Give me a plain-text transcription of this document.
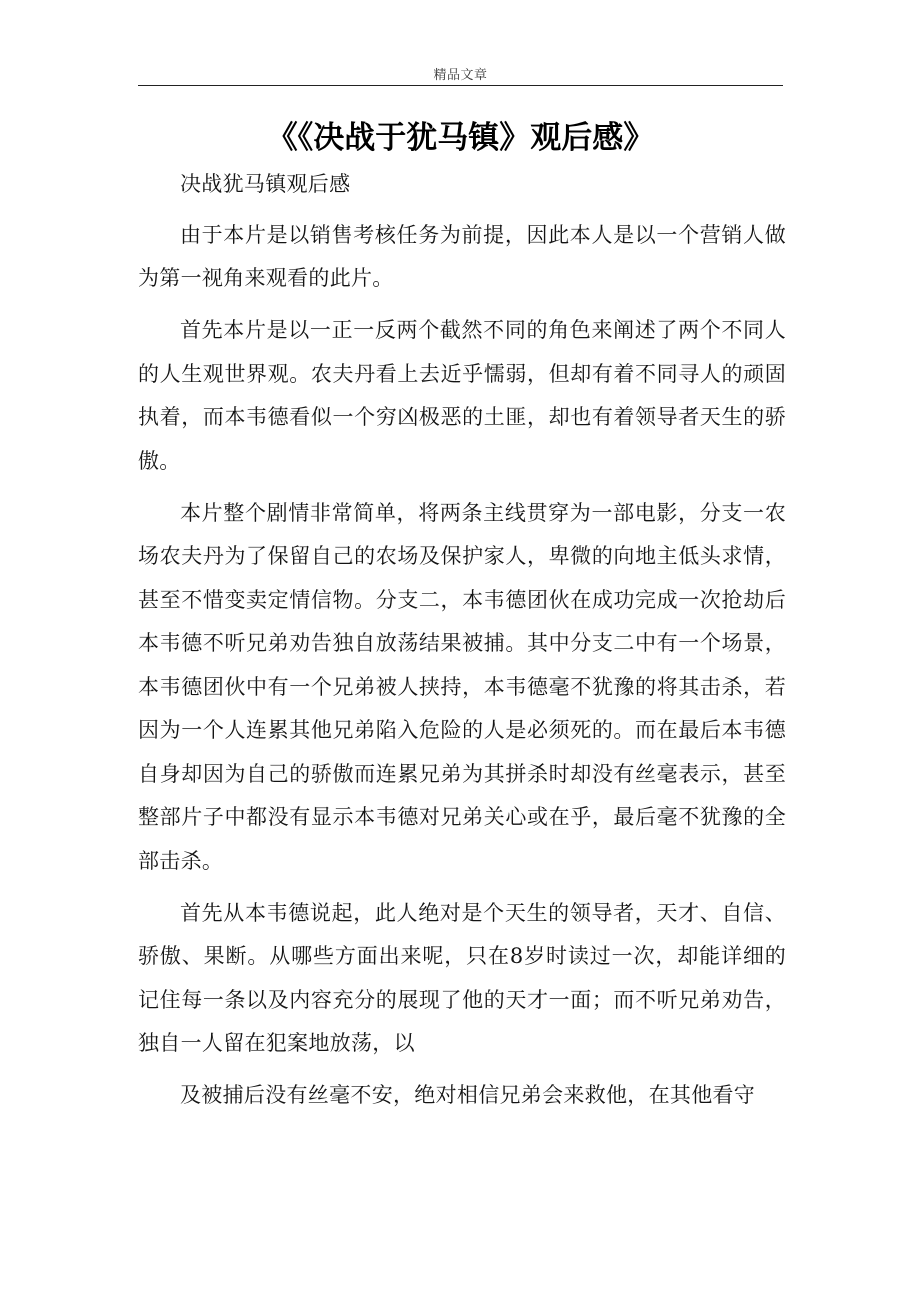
精品文章
《《决战于犹马镇》观后感》

决战犹马镇观后感

由于本片是以销售考核任务为前提，因此本人是以一个营销人做为第一视角来观看的此片。

首先本片是以一正一反两个截然不同的角色来阐述了两个不同人的人生观世界观。农夫丹看上去近乎懦弱，但却有着不同寻人的顽固执着，而本韦德看似一个穷凶极恶的土匪，却也有着领导者天生的骄傲。

本片整个剧情非常简单，将两条主线贯穿为一部电影，分支一农场农夫丹为了保留自己的农场及保护家人，卑微的向地主低头求情，甚至不惜变卖定情信物。分支二，本韦德团伙在成功完成一次抢劫后本韦德不听兄弟劝告独自放荡结果被捕。其中分支二中有一个场景，本韦德团伙中有一个兄弟被人挟持，本韦德毫不犹豫的将其击杀，若因为一个人连累其他兄弟陷入危险的人是必须死的。而在最后本韦德自身却因为自己的骄傲而连累兄弟为其拼杀时却没有丝毫表示，甚至整部片子中都没有显示本韦德对兄弟关心或在乎，最后毫不犹豫的全部击杀。

首先从本韦德说起，此人绝对是个天生的领导者，天才、自信、骄傲、果断。从哪些方面出来呢，只在8岁时读过一次，却能详细的记住每一条以及内容充分的展现了他的天才一面；而不听兄弟劝告，独自一人留在犯案地放荡，以

及被捕后没有丝毫不安，绝对相信兄弟会来救他，在其他看守
